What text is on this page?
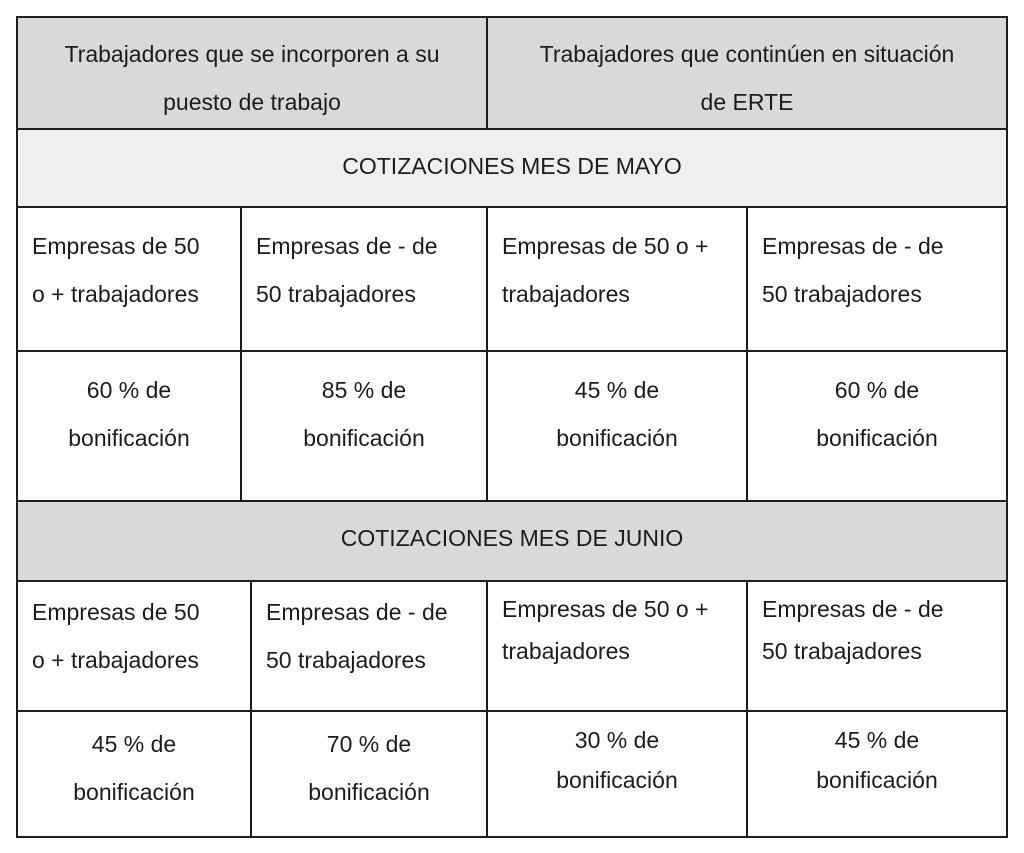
Trabajadores que se incorporen a su
puesto de trabajo
Trabajadores que continúen en situación
de ERTE
COTIZACIONES MES DE MAYO
Empresas de 50
o + trabajadores
Empresas de - de
50 trabajadores
Empresas de 50 o +
trabajadores
Empresas de - de
50 trabajadores
60 % de
bonificación
85 % de
bonificación
45 % de
bonificación
60 % de
bonificación
COTIZACIONES MES DE JUNIO
Empresas de 50
o + trabajadores
Empresas de - de
50 trabajadores
Empresas de 50 o +
trabajadores
Empresas de - de
50 trabajadores
45 % de
bonificación
70 % de
bonificación
30 % de
bonificación
45 % de
bonificación
